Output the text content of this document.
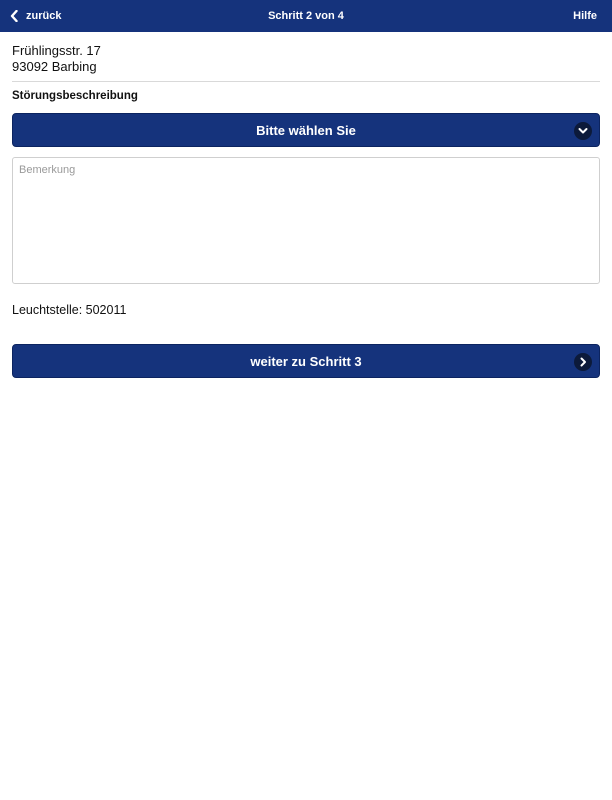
zurück	Schritt 2 von 4	Hilfe
Frühlingsstr. 17
93092 Barbing
Störungsbeschreibung
Bitte wählen Sie
Bemerkung
Leuchtstelle: 502011
weiter zu Schritt 3
